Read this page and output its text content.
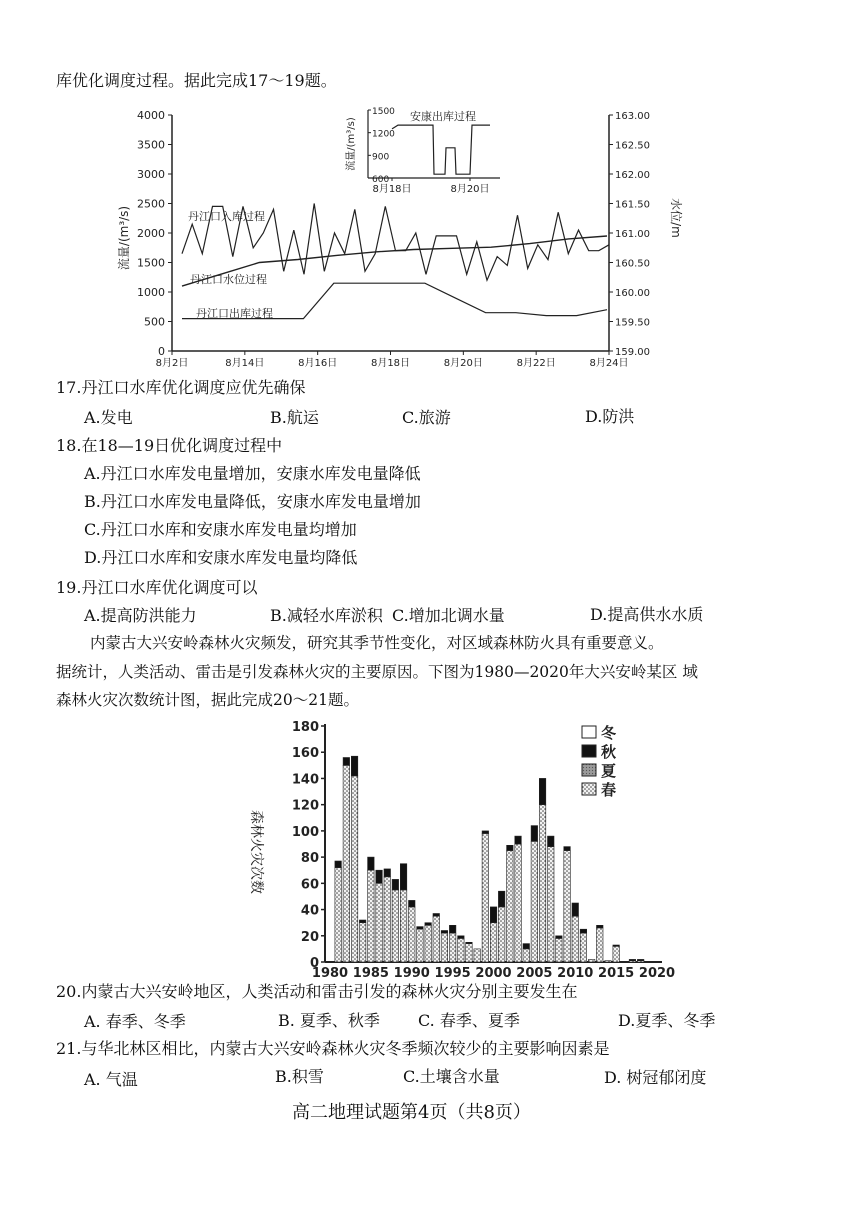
库优化调度过程。据此完成17～19题。
4000
3500
3000
2500
2000
1500
1000
500
0
163.00
162.50
162.00
161.50
161.00
160.50
160.00
159.50
159.00
8月2日	8月14日	8月16日	8月18日	8月20日	8月22日	8月24日
流量/(m³/s)	水位/m
丹江口入库过程
丹江口水位过程
丹江口出库过程
安康出库过程
流量/(m³/s)
1500
1200
900
600
8月18日	8月20日
17.丹江口水库优化调度应优先确保
A.发电	B.航运	C.旅游	D.防洪
18.在18—19日优化调度过程中
A.丹江口水库发电量增加，安康水库发电量降低
B.丹江口水库发电量降低，安康水库发电量增加
C.丹江口水库和安康水库发电量均增加
D.丹江口水库和安康水库发电量均降低
19.丹江口水库优化调度可以
A.提高防洪能力	B.减轻水库淤积 C.增加北调水量	D.提高供水水质
内蒙古大兴安岭森林火灾频发，研究其季节性变化，对区域森林防火具有重要意义。
据统计，人类活动、雷击是引发森林火灾的主要原因。下图为1980—2020年大兴安岭某区 域
森林火灾次数统计图，据此完成20～21题。
180
160
140
120
100
80
60
40
20
0
森林火灾次数
1980 1985 1990 1995 2000 2005 2010 2015 2020
冬
秋
夏
春
20.内蒙古大兴安岭地区，人类活动和雷击引发的森林火灾分别主要发生在
A. 春季、冬季	B. 夏季、秋季 C. 春季、夏季	D.夏季、冬季
21.与华北林区相比，内蒙古大兴安岭森林火灾冬季频次较少的主要影响因素是
A. 气温	B.积雪	C.土壤含水量	D. 树冠郁闭度
高二地理试题第4页（共8页）
